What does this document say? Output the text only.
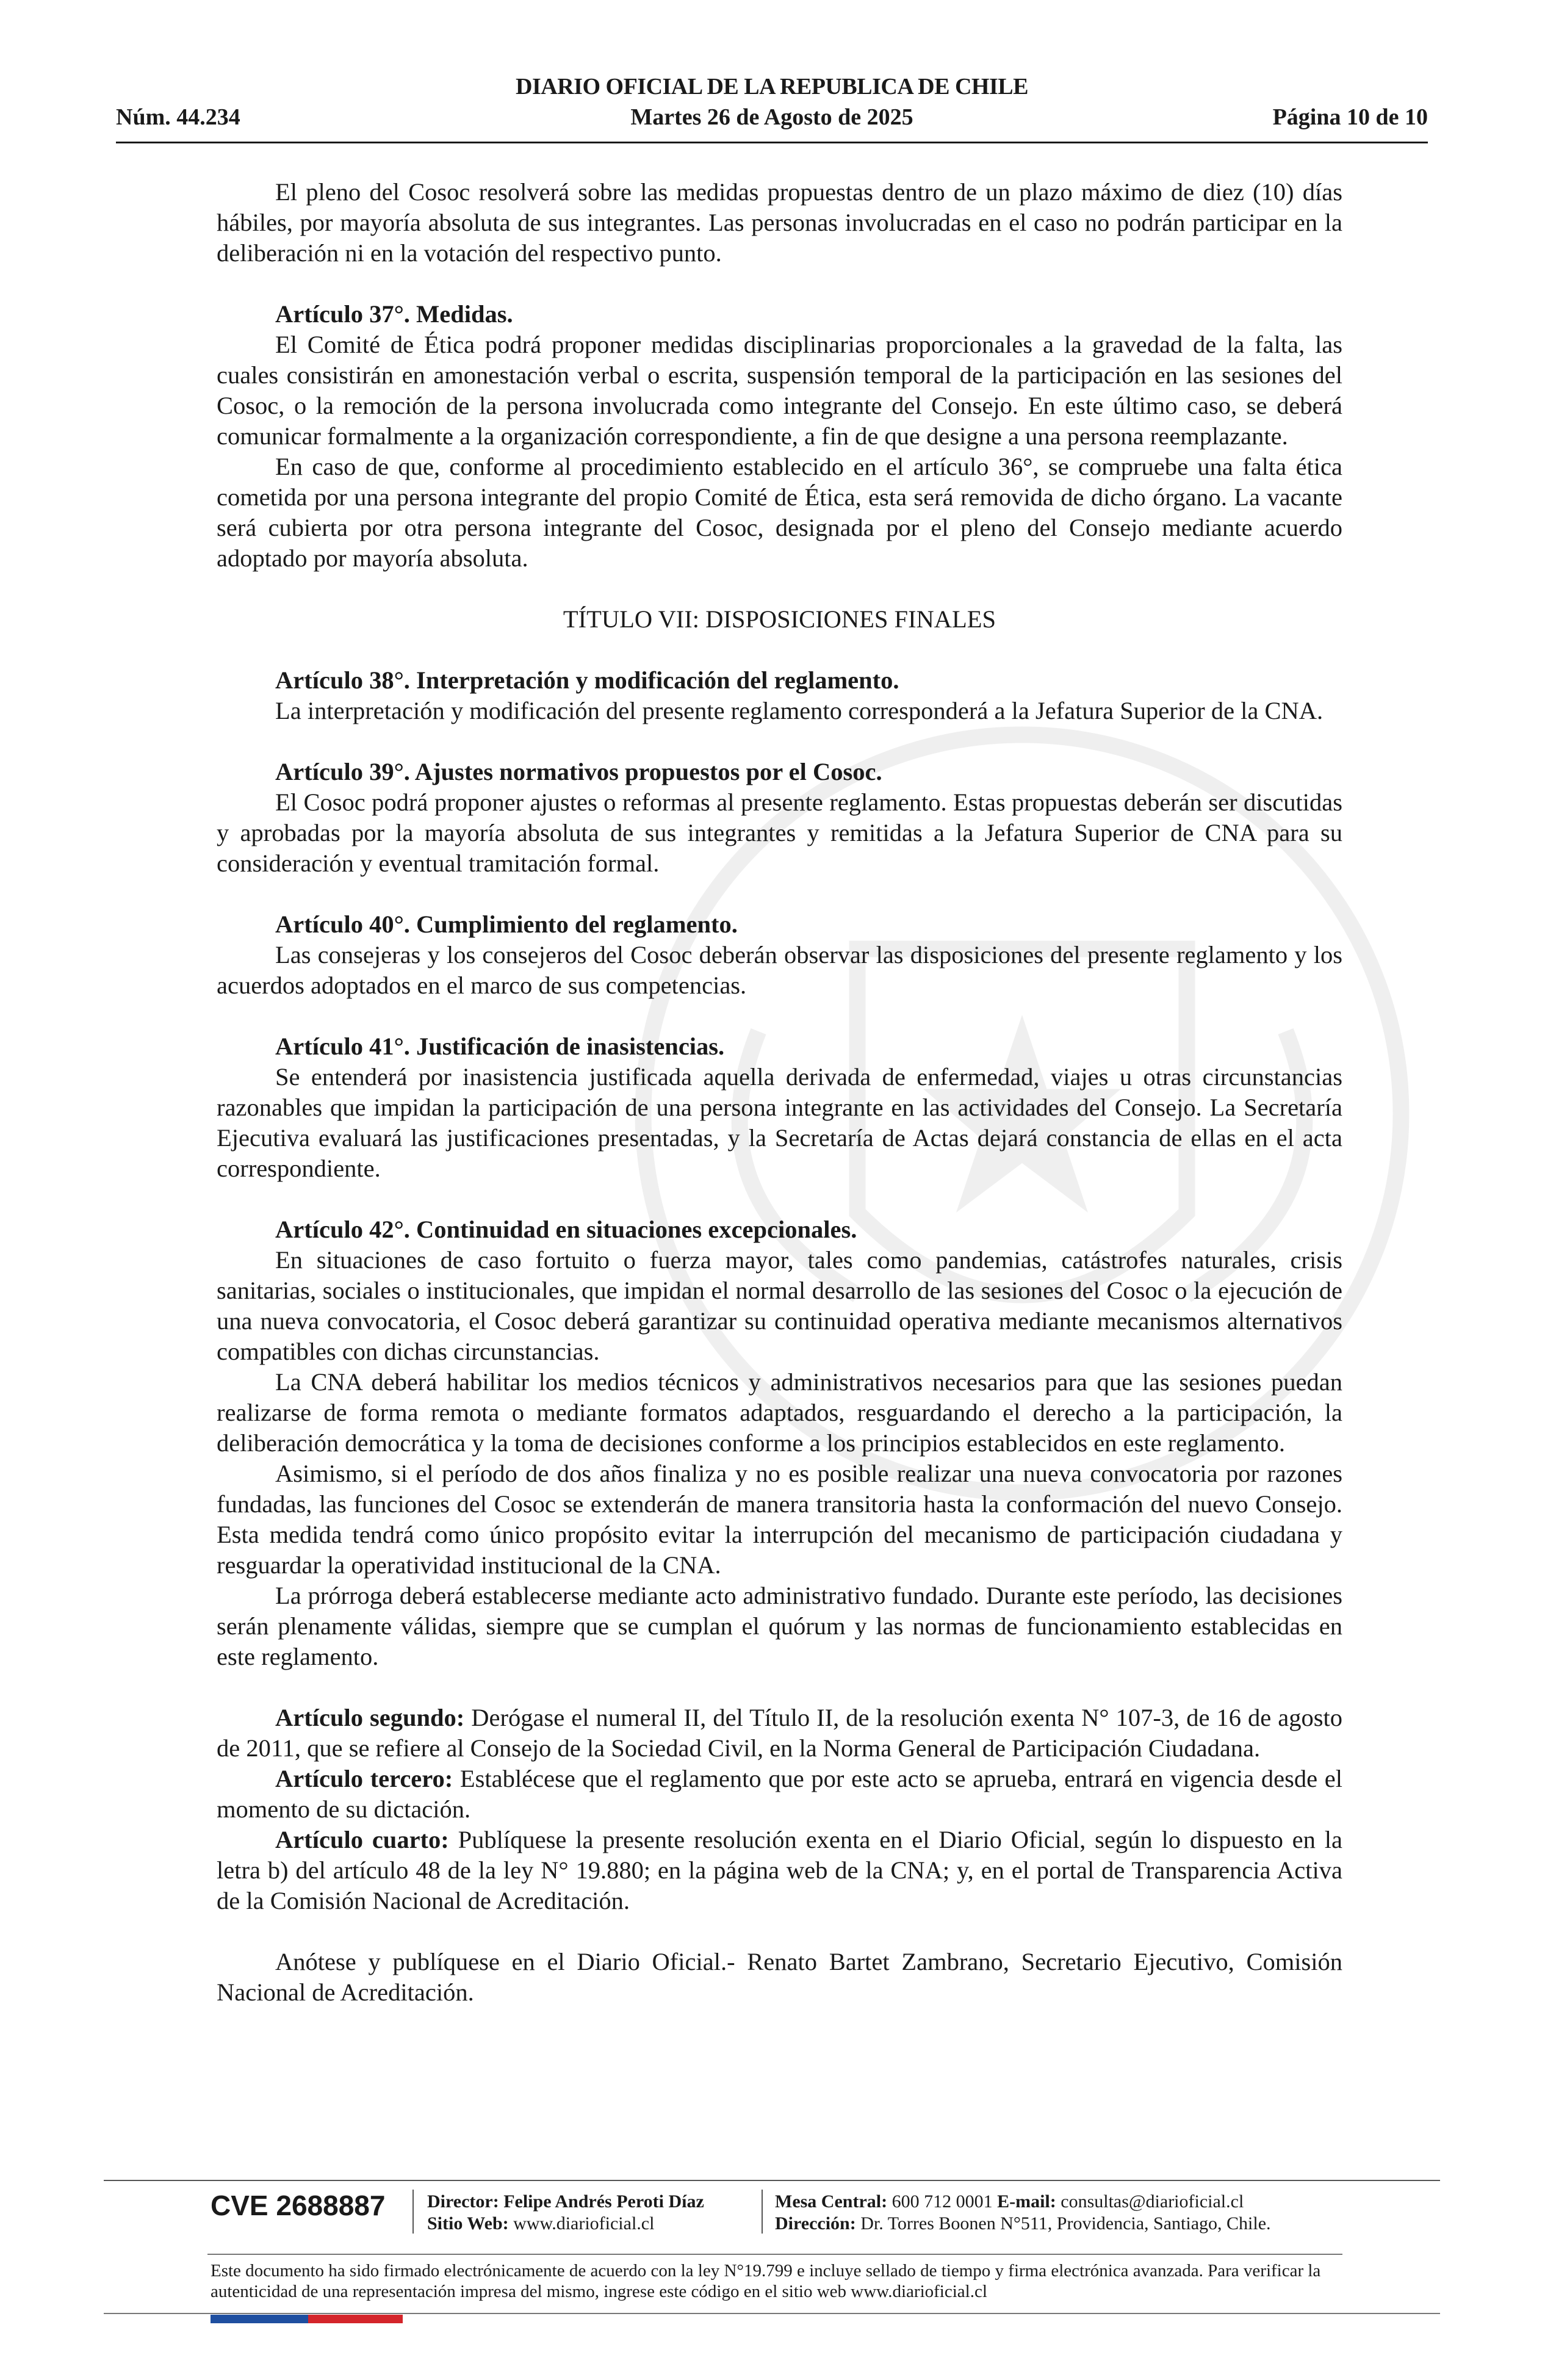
DIARIO OFICIAL DE LA REPUBLICA DE CHILE
Núm. 44.234	Martes 26 de Agosto de 2025	Página 10 de 10

El pleno del Cosoc resolverá sobre las medidas propuestas dentro de un plazo máximo de diez (10) días hábiles, por mayoría absoluta de sus integrantes. Las personas involucradas en el caso no podrán participar en la deliberación ni en la votación del respectivo punto.

Artículo 37°. Medidas.

El Comité de Ética podrá proponer medidas disciplinarias proporcionales a la gravedad de la falta, las cuales consistirán en amonestación verbal o escrita, suspensión temporal de la participación en las sesiones del Cosoc, o la remoción de la persona involucrada como integrante del Consejo. En este último caso, se deberá comunicar formalmente a la organización correspondiente, a fin de que designe a una persona reemplazante.

En caso de que, conforme al procedimiento establecido en el artículo 36°, se compruebe una falta ética cometida por una persona integrante del propio Comité de Ética, esta será removida de dicho órgano. La vacante será cubierta por otra persona integrante del Cosoc, designada por el pleno del Consejo mediante acuerdo adoptado por mayoría absoluta.

TÍTULO VII: DISPOSICIONES FINALES

Artículo 38°. Interpretación y modificación del reglamento.

La interpretación y modificación del presente reglamento corresponderá a la Jefatura Superior de la CNA.

Artículo 39°. Ajustes normativos propuestos por el Cosoc.

El Cosoc podrá proponer ajustes o reformas al presente reglamento. Estas propuestas deberán ser discutidas y aprobadas por la mayoría absoluta de sus integrantes y remitidas a la Jefatura Superior de CNA para su consideración y eventual tramitación formal.

Artículo 40°. Cumplimiento del reglamento.

Las consejeras y los consejeros del Cosoc deberán observar las disposiciones del presente reglamento y los acuerdos adoptados en el marco de sus competencias.

Artículo 41°. Justificación de inasistencias.

Se entenderá por inasistencia justificada aquella derivada de enfermedad, viajes u otras circunstancias razonables que impidan la participación de una persona integrante en las actividades del Consejo. La Secretaría Ejecutiva evaluará las justificaciones presentadas, y la Secretaría de Actas dejará constancia de ellas en el acta correspondiente.

Artículo 42°. Continuidad en situaciones excepcionales.

En situaciones de caso fortuito o fuerza mayor, tales como pandemias, catástrofes naturales, crisis sanitarias, sociales o institucionales, que impidan el normal desarrollo de las sesiones del Cosoc o la ejecución de una nueva convocatoria, el Cosoc deberá garantizar su continuidad operativa mediante mecanismos alternativos compatibles con dichas circunstancias.

La CNA deberá habilitar los medios técnicos y administrativos necesarios para que las sesiones puedan realizarse de forma remota o mediante formatos adaptados, resguardando el derecho a la participación, la deliberación democrática y la toma de decisiones conforme a los principios establecidos en este reglamento.

Asimismo, si el período de dos años finaliza y no es posible realizar una nueva convocatoria por razones fundadas, las funciones del Cosoc se extenderán de manera transitoria hasta la conformación del nuevo Consejo. Esta medida tendrá como único propósito evitar la interrupción del mecanismo de participación ciudadana y resguardar la operatividad institucional de la CNA.

La prórroga deberá establecerse mediante acto administrativo fundado. Durante este período, las decisiones serán plenamente válidas, siempre que se cumplan el quórum y las normas de funcionamiento establecidas en este reglamento.

Artículo segundo: Derógase el numeral II, del Título II, de la resolución exenta N° 107-3, de 16 de agosto de 2011, que se refiere al Consejo de la Sociedad Civil, en la Norma General de Participación Ciudadana.

Artículo tercero: Establécese que el reglamento que por este acto se aprueba, entrará en vigencia desde el momento de su dictación.

Artículo cuarto: Publíquese la presente resolución exenta en el Diario Oficial, según lo dispuesto en la letra b) del artículo 48 de la ley N° 19.880; en la página web de la CNA; y, en el portal de Transparencia Activa de la Comisión Nacional de Acreditación.

Anótese y publíquese en el Diario Oficial.- Renato Bartet Zambrano, Secretario Ejecutivo, Comisión Nacional de Acreditación.

CVE 2688887 Director: Felipe Andrés Peroti Díaz
Sitio Web: www.diarioficial.cl
Mesa Central: 600 712 0001 E-mail: consultas@diarioficial.cl
Dirección: Dr. Torres Boonen N°511, Providencia, Santiago, Chile.
Este documento ha sido firmado electrónicamente de acuerdo con la ley N°19.799 e incluye sellado de tiempo y firma electrónica avanzada. Para verificar la autenticidad de una representación impresa del mismo, ingrese este código en el sitio web www.diarioficial.cl
